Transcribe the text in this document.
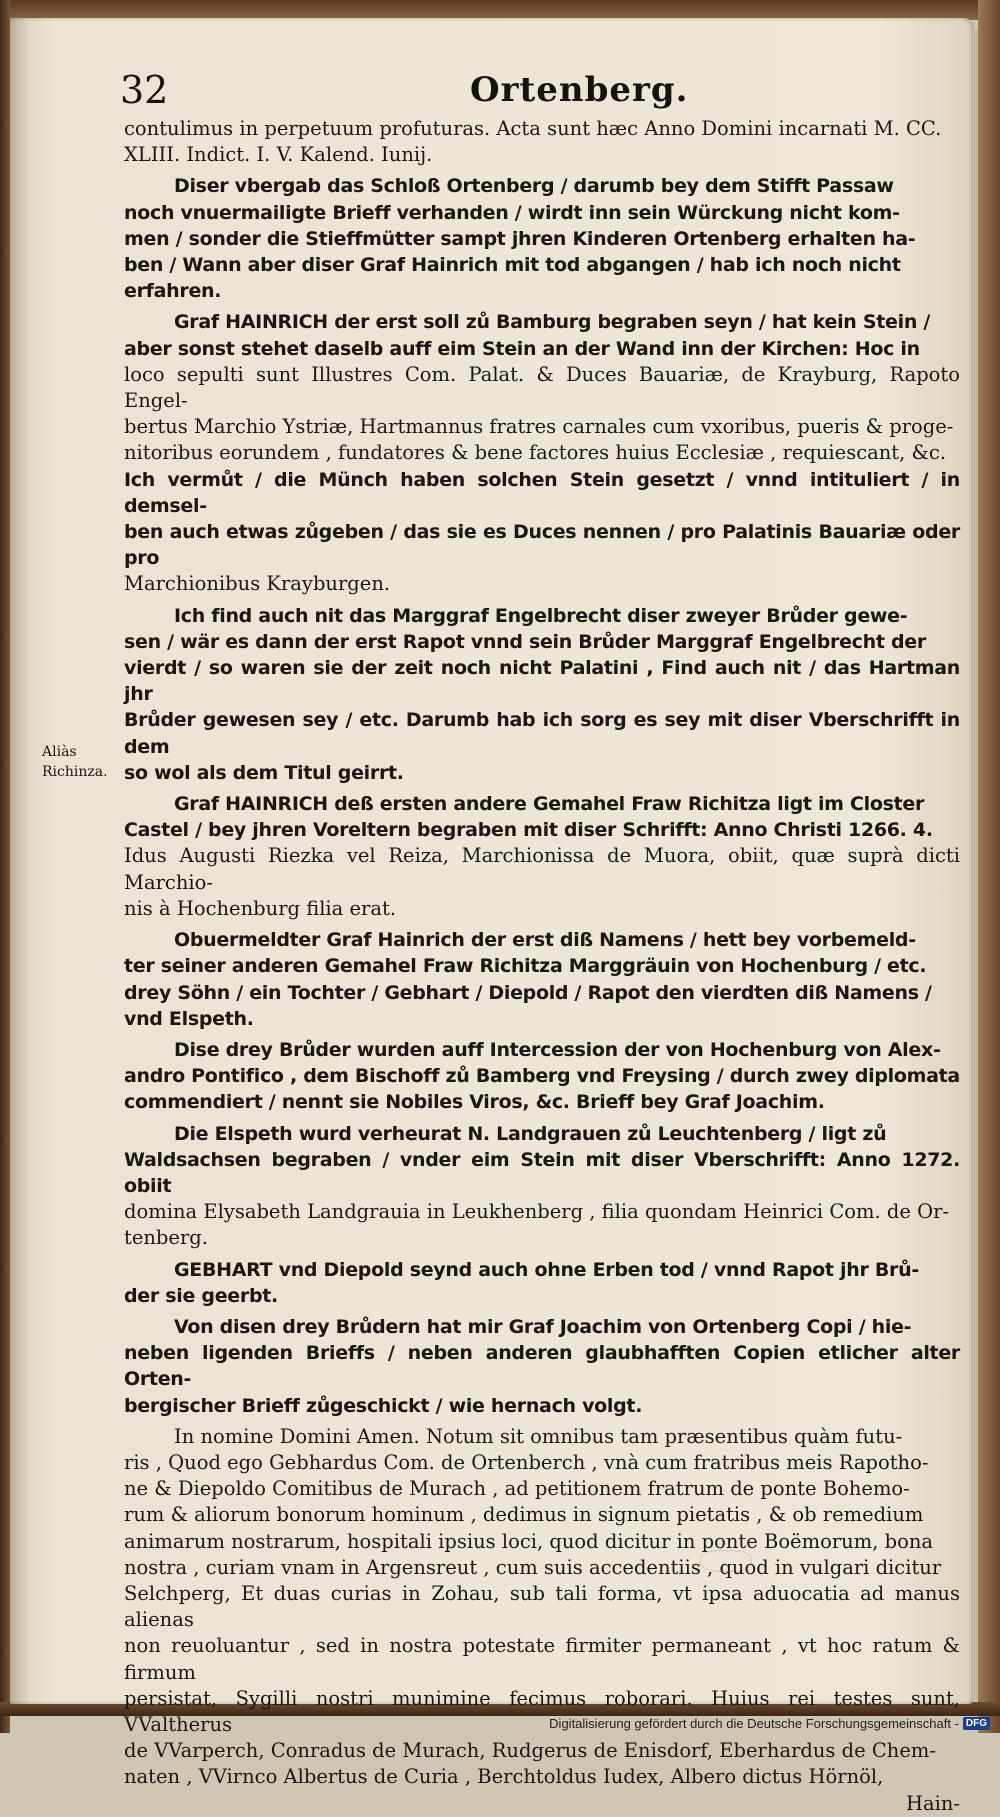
32	Ortenberg.
Aliàs Richinza.

contulimus in perpetuum profuturas. Acta sunt hæc Anno Domini incarnati M. CC.

XLIII. Indict. I. V. Kalend. Iunij.

Diser vbergab das Schloß Ortenberg / darumb bey dem Stifft Passaw

noch vnuermailigte Brieff verhanden / wirdt inn sein Würckung nicht kom-

men / sonder die Stieffmütter sampt jhren Kinderen Ortenberg erhalten ha-

ben / Wann aber diser Graf Hainrich mit tod abgangen / hab ich noch nicht

erfahren.

Graf HAINRICH der erst soll zů Bamburg begraben seyn / hat kein Stein /

aber sonst stehet daselb auff eim Stein an der Wand inn der Kirchen: Hoc in

loco sepulti sunt Illustres Com. Palat. & Duces Bauariæ, de Krayburg, Rapoto Engel-

bertus Marchio Ystriæ, Hartmannus fratres carnales cum vxoribus, pueris & proge-

nitoribus eorundem , fundatores & bene factores huius Ecclesiæ , requiescant, &c.

Ich vermůt / die Münch haben solchen Stein gesetzt / vnnd intituliert / in demsel-

ben auch etwas zůgeben / das sie es Duces nennen / pro Palatinis Bauariæ oder pro

Marchionibus Krayburgen.

Ich find auch nit das Marggraf Engelbrecht diser zweyer Brůder gewe-

sen / wär es dann der erst Rapot vnnd sein Brůder Marggraf Engelbrecht der

vierdt / so waren sie der zeit noch nicht Palatini , Find auch nit / das Hartman jhr

Brůder gewesen sey / etc. Darumb hab ich sorg es sey mit diser Vberschrifft in dem

so wol als dem Titul geirrt.

Graf HAINRICH deß ersten andere Gemahel Fraw Richitza ligt im Closter

Castel / bey jhren Voreltern begraben mit diser Schrifft: Anno Christi 1266. 4.

Idus Augusti Riezka vel Reiza, Marchionissa de Muora, obiit, quæ suprà dicti Marchio-

nis à Hochenburg filia erat.

Obuermeldter Graf Hainrich der erst diß Namens / hett bey vorbemeld-

ter seiner anderen Gemahel Fraw Richitza Marggräuin von Hochenburg / etc.

drey Söhn / ein Tochter / Gebhart / Diepold / Rapot den vierdten diß Namens /

vnd Elspeth.

Dise drey Brůder wurden auff Intercession der von Hochenburg von Alex-

andro Pontifico , dem Bischoff zů Bamberg vnd Freysing / durch zwey diplomata

commendiert / nennt sie Nobiles Viros, &c. Brieff bey Graf Joachim.

Die Elspeth wurd verheurat N. Landgrauen zů Leuchtenberg / ligt zů

Waldsachsen begraben / vnder eim Stein mit diser Vberschrifft: Anno 1272. obiit

domina Elysabeth Landgrauia in Leukhenberg , filia quondam Heinrici Com. de Or-

tenberg.

GEBHART vnd Diepold seynd auch ohne Erben tod / vnnd Rapot jhr Brů-

der sie geerbt.

Von disen drey Brůdern hat mir Graf Joachim von Ortenberg Copi / hie-

neben ligenden Brieffs / neben anderen glaubhafften Copien etlicher alter Orten-

bergischer Brieff zůgeschickt / wie hernach volgt.

In nomine Domini Amen. Notum sit omnibus tam præsentibus quàm futu-

ris , Quod ego Gebhardus Com. de Ortenberch , vnà cum fratribus meis Rapotho-

ne & Diepoldo Comitibus de Murach , ad petitionem fratrum de ponte Bohemo-

rum & aliorum bonorum hominum , dedimus in signum pietatis , & ob remedium

animarum nostrarum, hospitali ipsius loci, quod dicitur in ponte Boëmorum, bona

nostra , curiam vnam in Argensreut , cum suis accedentiis , quod in vulgari dicitur

Selchperg, Et duas curias in Zohau, sub tali forma, vt ipsa aduocatia ad manus alienas

non reuoluantur , sed in nostra potestate firmiter permaneant , vt hoc ratum & firmum

persistat, Sygilli nostri munimine fecimus roborari. Huius rei testes sunt, VValtherus

de VVarperch, Conradus de Murach, Rudgerus de Enisdorf, Eberhardus de Chem-

naten , VVirnco Albertus de Curia , Berchtoldus Iudex, Albero dictus Hörnöl,

Hain-

Digitalisierung gefördert durch die Deutsche Forschungsgemeinschaft - DFG
